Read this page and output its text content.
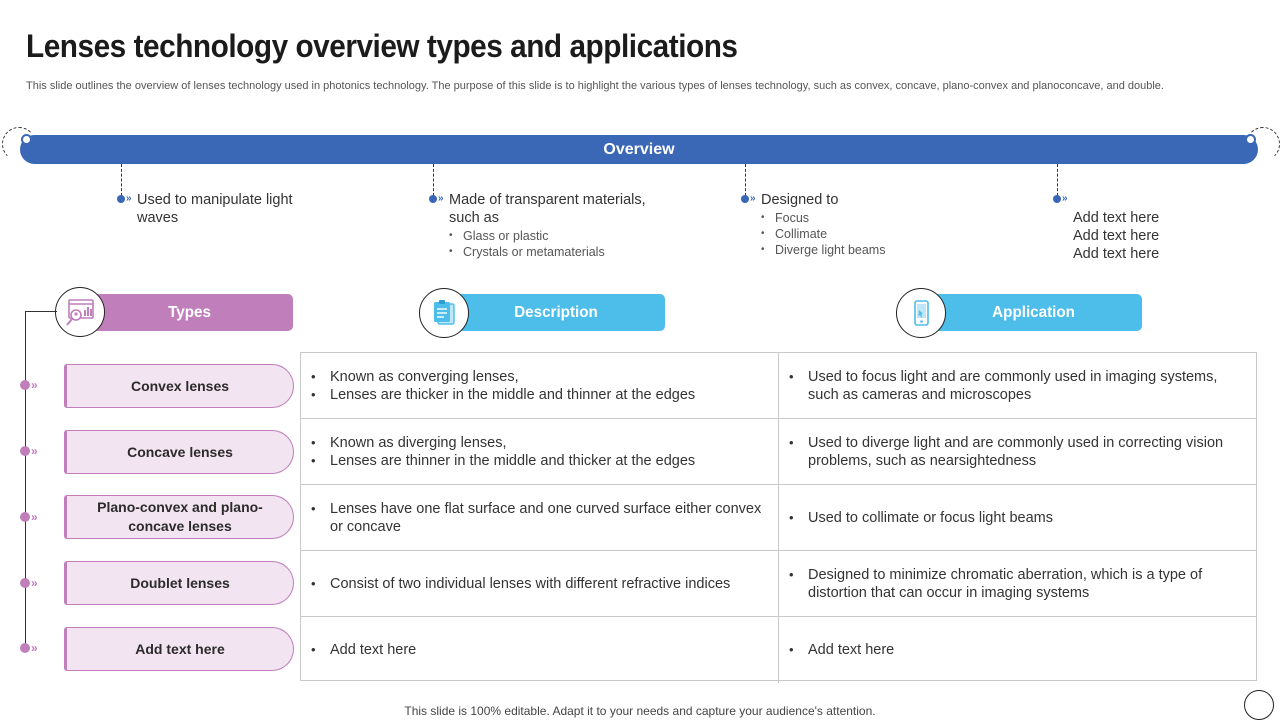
Lenses technology overview types and applications
This slide outlines the overview of lenses technology used in photonics technology. The purpose of this slide is to highlight the various types of lenses technology, such as convex, concave, plano-convex and planoconcave, and double.
Overview
» Used to manipulate light waves
» Made of transparent materials, such as
• Glass or plastic
• Crystals or metamaterials
» Designed to
• Focus
• Collimate
• Diverge light beams
»

Add text here
Add text here
Add text here

Types	Description	Application
»
»
»
»
»
Convex lenses
Concave lenses
Plano-convex and plano-concave lenses
Doublet lenses
Add text here
• Known as converging lenses,
• Lenses are thicker in the middle and thinner at the edges
• Used to focus light and are commonly used in imaging systems, such as cameras and microscopes
• Known as diverging lenses,
• Lenses are thinner in the middle and thicker at the edges
• Used to diverge light and are commonly used in correcting vision problems, such as nearsightedness
• Lenses have one flat surface and one curved surface either convex or concave
• Used to collimate or focus light beams
• Consist of two individual lenses with different refractive indices
• Designed to minimize chromatic aberration, which is a type of distortion that can occur in imaging systems
• Add text here
•	Add text here
This slide is 100% editable. Adapt it to your needs and capture your audience's attention.
